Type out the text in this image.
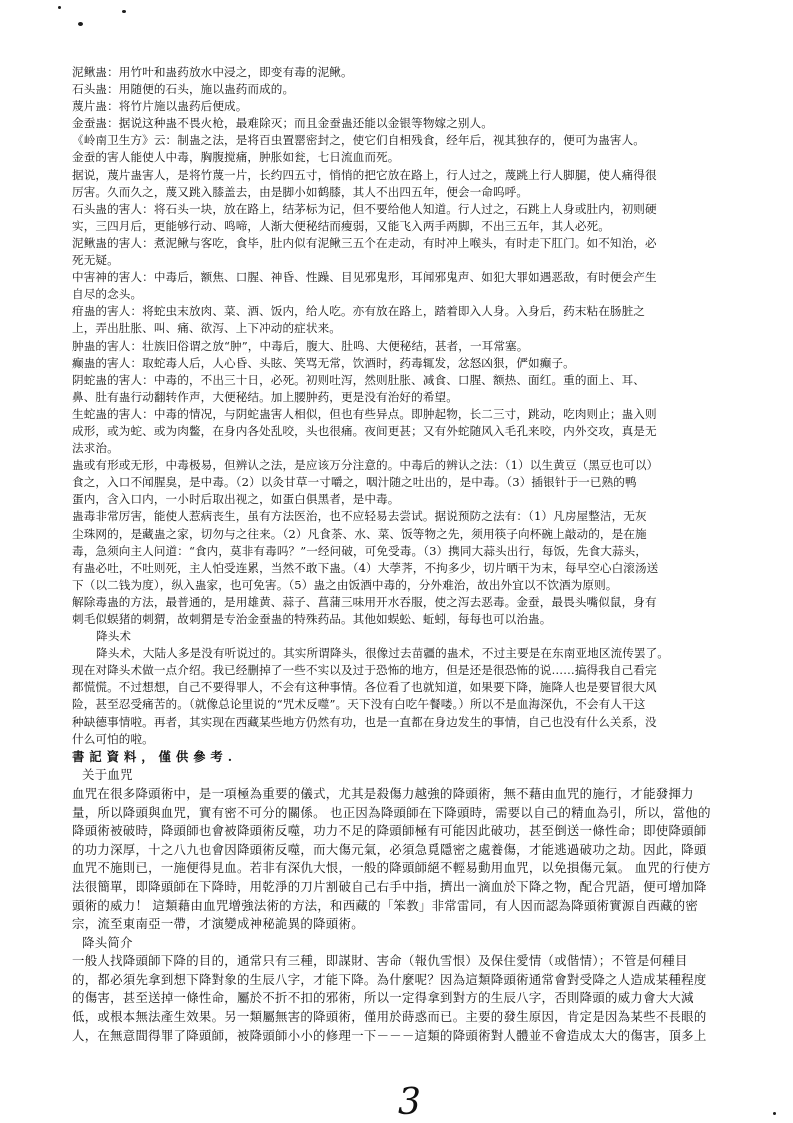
泥鳅蛊：用竹叶和蛊药放水中浸之，即变有毒的泥鳅。
石头蛊：用随便的石头，施以蛊药而成的。
蔑片蛊：将竹片施以蛊药后便成。
金蚕蛊：据说这种蛊不畏火枪，最难除灭；而且金蚕蛊还能以金银等物嫁之别人。
《岭南卫生方》云：制蛊之法，是将百虫置罂密封之，使它们自相残食，经年后，视其独存的，便可为蛊害人。
金蚕的害人能使人中毒，胸腹搅痛，肿胀如瓮，七日流血而死。
据说，蔑片蛊害人，是将竹蔑一片，长约四五寸，悄悄的把它放在路上，行人过之，蔑跳上行人脚腿，使人痛得很
厉害。久而久之，蔑又跳入膝盖去，由是脚小如鹤膝，其人不出四五年，便会一命呜呼。
石头蛊的害人：将石头一块，放在路上，结茅标为记，但不要给他人知道。行人过之，石跳上人身或肚内，初则硬
实，三四月后，更能够行动、鸣啼，人渐大便秘结而瘦弱，又能飞入两手两脚，不出三五年，其人必死。
泥鳅蛊的害人：煮泥鳅与客吃，食毕，肚内似有泥鳅三五个在走动，有时冲上喉头，有时走下肛门。如不知治，必
死无疑。
中害神的害人：中毒后，额焦、口腥、神昏、性躁、目见邪鬼形，耳闻邪鬼声、如犯大罪如遇恶敌，有时便会产生
自尽的念头。
疳蛊的害人：将蛇虫末放肉、菜、酒、饭内，给人吃。亦有放在路上，踏着即入人身。入身后，药末粘在肠脏之
上，弄出肚胀、叫、痛、欲泻、上下冲动的症状来。
肿蛊的害人：壮族旧俗谓之放“肿”，中毒后，腹大、肚鸣、大便秘结，甚者，一耳常塞。
癫蛊的害人：取蛇毒人后，人心昏、头眩、笑骂无常，饮酒时，药毒辄发，忿怒凶狠，俨如癫子。
阴蛇蛊的害人：中毒的，不出三十日，必死。初则吐泻，然则肚胀、减食、口腥、额热、面红。重的面上、耳、
鼻、肚有蛊行动翻转作声，大便秘结。加上腰肿药，更是没有治好的希望。
生蛇蛊的害人：中毒的情况，与阴蛇蛊害人相似，但也有些异点。即肿起物，长二三寸，跳动，吃肉则止；蛊入则
成形，或为蛇、或为肉鳖，在身内各处乱咬，头也很痛。夜间更甚；又有外蛇随风入毛孔来咬，内外交攻，真是无
法求治。
蛊或有形或无形，中毒极易，但辨认之法，是应该万分注意的。中毒后的辨认之法：（1）以生黄豆（黑豆也可以）
食之，入口不闻腥臭，是中毒。（2）以灸甘草一寸嚼之，咽汁随之吐出的，是中毒。（3）插银针于一已熟的鸭
蛋内，含入口内，一小时后取出视之，如蛋白俱黑者，是中毒。
蛊毒非常厉害，能使人惹病丧生，虽有方法医治，也不应轻易去尝试。据说预防之法有：（1）凡房屋整洁，无灰
尘珠网的，是藏蛊之家，切勿与之往来。（2）凡食茶、水、菜、饭等物之先，须用筷子向杯碗上敲动的，是在施
毒，急须向主人问道：“食内，莫非有毒吗？”一经问破，可免受毒。（3）携同大蒜头出行，每饭，先食大蒜头，
有蛊必吐，不吐则死，主人怕受连累，当然不敢下蛊。（4）大荸荠，不拘多少，切片晒干为末，每早空心白滚汤送
下（以二钱为度），纵入蛊家，也可免害。（5）蛊之由饭酒中毒的，分外难治，故出外宜以不饮酒为原则。
解除毒蛊的方法，最普通的，是用雄黄、蒜子、菖蒲三味用开水吞服，使之泻去恶毒。金蚕，最畏头嘴似鼠，身有
刺毛似蜈猪的刺猬，故刺猬是专治金蚕蛊的特殊药品。其他如蜈蚣、蚯蚓，每每也可以治蛊。
降头术
降头术，大陆人多是没有听说过的。其实所谓降头，很像过去苗疆的蛊术，不过主要是在东南亚地区流传罢了。
现在对降头术做一点介绍。我已经删掉了一些不实以及过于恐怖的地方，但是还是很恐怖的说……搞得我自己看完
都慌慌。不过想想，自己不要得罪人，不会有这种事情。各位看了也就知道，如果要下降，施降人也是要冒很大风
险，甚至忍受痛苦的。（就像总论里说的“咒术反噬”。天下没有白吃午餐喽。）所以不是血海深仇，不会有人干这
种缺德事情啦。再者，其实现在西藏某些地方仍然有功，也是一直都在身边发生的事情，自己也没有什么关系，没
什么可怕的啦。
書 記 資 料 ， 僅 供 參 考 .
关于血咒
血咒在很多降頭術中，是一項極為重要的儀式，尤其是殺傷力越強的降頭術，無不藉由血咒的施行，才能發揮力
量，所以降頭與血咒，實有密不可分的關係。 也正因為降頭師在下降頭時，需要以自己的精血為引，所以，當他的
降頭術被破時，降頭師也會被降頭術反噬，功力不足的降頭師極有可能因此破功，甚至倒送一條性命；即使降頭師
的功力深厚，十之八九也會因降頭術反噬，而大傷元氣，必須急覓隱密之處養傷，才能逃過破功之劫。因此，降頭
血咒不施則已，一施便得見血。若非有深仇大恨，一般的降頭師絕不輕易動用血咒，以免損傷元氣。 血咒的行使方
法很簡單，即降頭師在下降時，用乾淨的刀片割破自己右手中指，擠出一滴血於下降之物，配合咒語，便可增加降
頭術的威力！ 這類藉由血咒增強法術的方法，和西藏的「笨教」非常雷同，有人因而認為降頭術實源自西藏的密
宗，流至東南亞一帶，才演變成神秘詭異的降頭術。
降头简介
一般人找降頭師下降的目的，通常只有三種，即謀財、害命（報仇雪恨）及保住愛情（或偕情）；不管是何種目
的，都必須先拿到想下降對象的生辰八字，才能下降。為什麼呢？因為這類降頭術通常會對受降之人造成某種程度
的傷害，甚至送掉一條性命，屬於不折不扣的邪術，所以一定得拿到對方的生辰八字，否則降頭的威力會大大減
低，或根本無法產生效果。另一類屬無害的降頭術，僅用於蒔惑而已。主要的發生原因，肯定是因為某些不長眼的
人，在無意間得罪了降頭師，被降頭師小小的修理一下－－－這類的降頭術對人體並不會造成太大的傷害，頂多上
3
